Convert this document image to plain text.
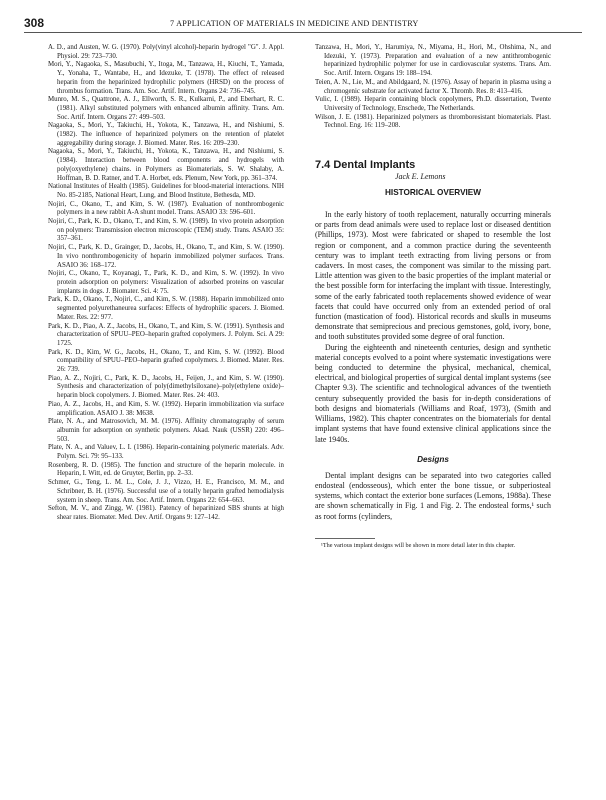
308	7 APPLICATION OF MATERIALS IN MEDICINE AND DENTISTRY

A. D., and Austen, W. G. (1970). Poly(vinyl alcohol)-heparin hydrogel "G". J. Appl. Physiol. 29: 723–730.

Mori, Y., Nagaoka, S., Masubuchi, Y., Itoga, M., Tanzawa, H., Kiuchi, T., Yamada, Y., Yonaha, T., Wantabe, H., and Idezuke, T. (1978). The effect of released heparin from the heparinized hydrophilic polymers (HRSD) on the process of thrombus formation. Trans. Am. Soc. Artif. Intern. Organs 24: 736–745.

Munro, M. S., Quattrone, A. J., Ellworth, S. R., Kulkarni, P., and Eberhart, R. C. (1981). Alkyl substituted polymers with enhanced albumin affinity. Trans. Am. Soc. Artif. Intern. Organs 27: 499–503.

Nagaoka, S., Mori, Y., Takiuchi, H., Yokota, K., Tanzawa, H., and Nishiumi, S. (1982). The influence of heparinized polymers on the retention of platelet aggregability during storage. J. Biomed. Mater. Res. 16: 209–230.

Nagaoka, S., Mori, Y., Takiuchi, H., Yokota, K., Tanzawa, H., and Nishiumi, S. (1984). Interaction between blood components and hydrogels with poly(oxyethylene) chains. in Polymers as Biomaterials, S. W. Shalaby, A. Hoffman, B. D. Ratner, and T. A. Horbet, eds. Plenum, New York, pp. 361–374.

National Institutes of Health (1985). Guidelines for blood-material interactions. NIH No. 85-2185, National Heart, Lung, and Blood Institute, Bethesda, MD.

Nojiri, C., Okano, T., and Kim, S. W. (1987). Evaluation of nonthrombogenic polymers in a new rabbit A-A shunt model. Trans. ASAIO 33: 596–601.

Nojiri, C., Park, K. D., Okano, T., and Kim, S. W. (1989). In vivo protein adsorption on polymers: Transmission electron microscopic (TEM) study. Trans. ASAIO 35: 357–361.

Nojiri, C., Park, K. D., Grainger, D., Jacobs, H., Okano, T., and Kim, S. W. (1990). In vivo nonthrombogenicity of heparin immobilized polymer surfaces. Trans. ASAIO 36: 168–172.

Nojiri, C., Okano, T., Koyanagi, T., Park, K. D., and Kim, S. W. (1992). In vivo protein adsorption on polymers: Visualization of adsorbed proteins on vascular implants in dogs. J. Biomater. Sci. 4: 75.

Park, K. D., Okano, T., Nojiri, C., and Kim, S. W. (1988). Heparin immobilized onto segmented polyurethaneurea surfaces: Effects of hydrophilic spacers. J. Biomed. Mater. Res. 22: 977.

Park, K. D., Piao, A. Z., Jacobs, H., Okano, T., and Kim, S. W. (1991). Synthesis and characterization of SPUU–PEO–heparin grafted copolymers. J. Polym. Sci. A 29: 1725.

Park, K. D., Kim, W. G., Jacobs, H., Okano, T., and Kim, S. W. (1992). Blood compatibility of SPUU–PEO–heparin grafted copolymers. J. Biomed. Mater. Res. 26: 739.

Piao, A. Z., Nojiri, C., Park, K. D., Jacobs, H., Feijen, J., and Kim, S. W. (1990). Synthesis and characterization of poly(dimethylsiloxane)–poly(ethylene oxide)–heparin block copolymers. J. Biomed. Mater. Res. 24: 403.

Piao, A. Z., Jacobs, H., and Kim, S. W. (1992). Heparin immobilization via surface amplification. ASAIO J. 38: M638.

Plate, N. A., and Matrosovich, M. M. (1976). Affinity chromatography of serum albumin for adsorption on synthetic polymers. Akad. Nauk (USSR) 220: 496–503.

Plate, N. A., and Valuev, L. I. (1986). Heparin-containing polymeric materials. Adv. Polym. Sci. 79: 95–133.

Rosenberg, R. D. (1985). The function and structure of the heparin molecule. in Heparin, I. Witt, ed. de Gruyter, Berlin, pp. 2–33.

Schmer, G., Teng, L. M. L., Cole, J. J., Vizzo, H. E., Francisco, M. M., and Schribner, B. H. (1976). Successful use of a totally heparin grafted hemodialysis system in sheep. Trans. Am. Soc. Artif. Intern. Organs 22: 654–663.

Sefton, M. V., and Zingg, W. (1981). Patency of heparinized SBS shunts at high shear rates. Biomater. Med. Dev. Artif. Organs 9: 127–142.

Tanzawa, H., Mori, Y., Harumiya, N., Miyama, H., Hori, M., Ohshima, N., and Idezuki, Y. (1973). Preparation and evaluation of a new antithrombogenic heparinized hydrophilic polymer for use in cardiovascular systems. Trans. Am. Soc. Artif. Intern. Organs 19: 188–194.

Teien, A. N., Lie, M., and Abildgaard, N. (1976). Assay of heparin in plasma using a chromogenic substrate for activated factor X. Thromb. Res. 8: 413–416.

Vulic, I. (1989). Heparin containing block copolymers, Ph.D. dissertation, Twente University of Technology, Enschede, The Netherlands.

Wilson, J. E. (1981). Heparinized polymers as thromboresistant biomaterials. Plast. Technol. Eng. 16: 119–208.

7.4 Dental Implants

Jack E. Lemons

HISTORICAL OVERVIEW

In the early history of tooth replacement, naturally occurring minerals or parts from dead animals were used to replace lost or diseased dentition (Phillips, 1973). Most were fabricated or shaped to resemble the lost region or component, and a common practice during the seventeenth century was to implant teeth extracting from living persons or from cadavers. In most cases, the component was similar to the missing part. Little attention was given to the basic properties of the implant material or the best possible form for interfacing the implant with tissue. Interestingly, some of the early fabricated tooth replacements showed evidence of wear facets that could have occurred only from an extended period of oral function (mastication of food). Historical records and skulls in museums demonstrate that semiprecious and precious gemstones, gold, ivory, bone, and tooth substitutes provided some degree of oral function.

During the eighteenth and nineteenth centuries, design and synthetic material concepts evolved to a point where systematic investigations were being conducted to determine the physical, mechanical, chemical, electrical, and biological properties of surgical dental implant systems (see Chapter 9.3). The scientific and technological advances of the twentieth century subsequently provided the basis for in-depth considerations of both designs and biomaterials (Williams and Roaf, 1973), (Smith and Williams, 1982). This chapter concentrates on the biomaterials for dental implant systems that have found extensive clinical applications since the late 1940s.

Designs

Dental implant designs can be separated into two categories called endosteal (endosseous), which enter the bone tissue, or subperiosteal systems, which contact the exterior bone surfaces (Lemons, 1988a). These are shown schematically in Fig. 1 and Fig. 2. The endosteal forms,¹ such as root forms (cylinders,

¹The various implant designs will be shown in more detail later in this chapter.
